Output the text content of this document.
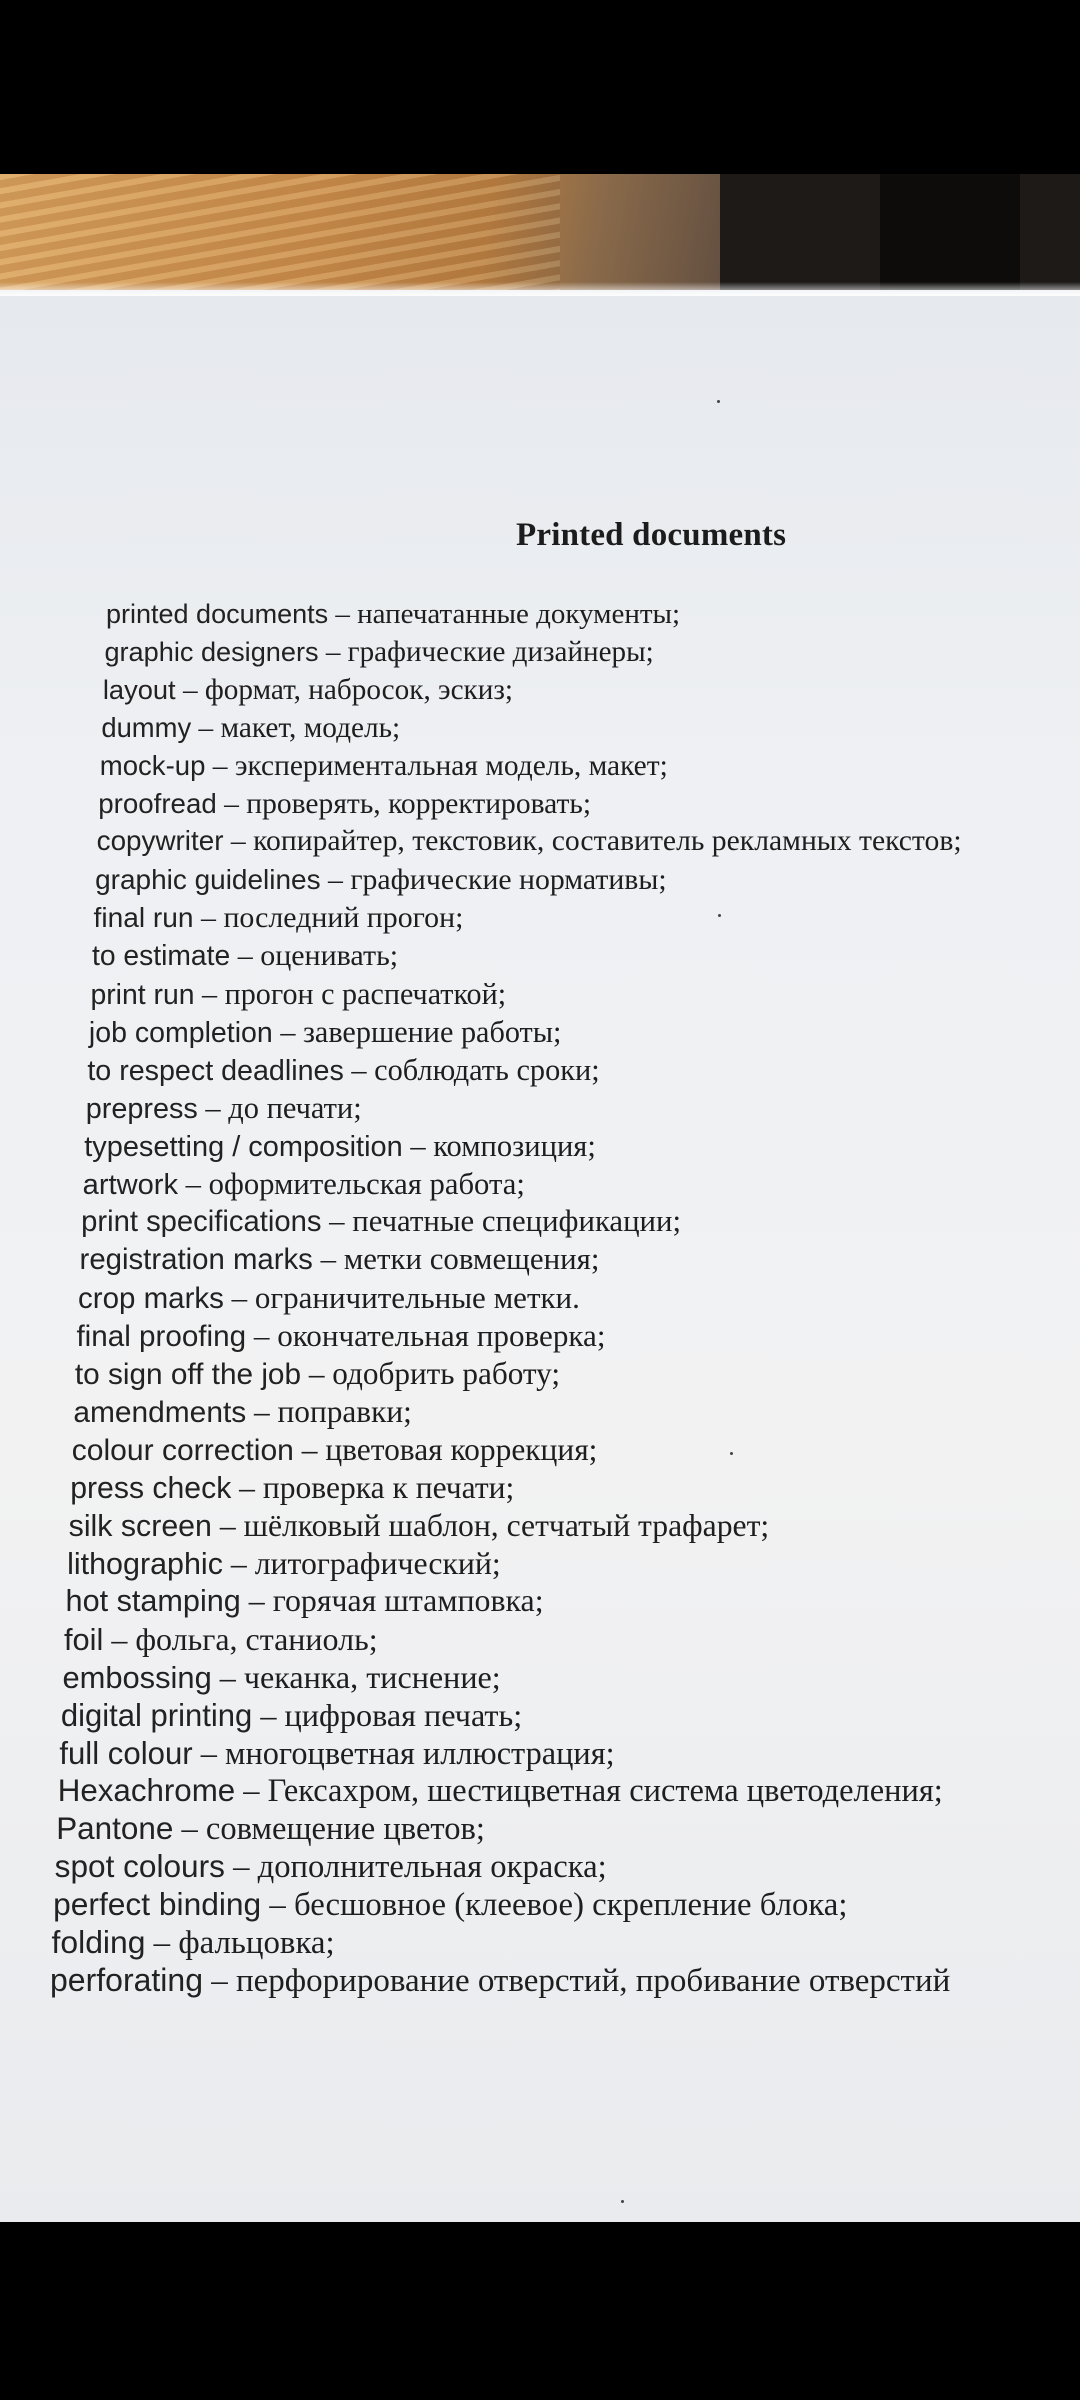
Printed documents
printed documents – напечатанные документы;
graphic designers – графические дизайнеры;
layout – формат, набросок, эскиз;
dummy – макет, модель;
mock-up – экспериментальная модель, макет;
proofread – проверять, корректировать;
copywriter – копирайтер, текстовик, составитель рекламных текстов;
graphic guidelines – графические нормативы;
final run – последний прогон;
to estimate – оценивать;
print run – прогон с распечаткой;
job completion – завершение работы;
to respect deadlines – соблюдать сроки;
prepress – до печати;
typesetting / composition – композиция;
artwork – оформительская работа;
print specifications – печатные спецификации;
registration marks – метки совмещения;
crop marks – ограничительные метки.
final proofing – окончательная проверка;
to sign off the job – одобрить работу;
amendments – поправки;
colour correction – цветовая коррекция;
press check – проверка к печати;
silk screen – шёлковый шаблон, сетчатый трафарет;
lithographic – литографический;
hot stamping – горячая штамповка;
foil – фольга, станиоль;
embossing – чеканка, тиснение;
digital printing – цифровая печать;
full colour – многоцветная иллюстрация;
Hexachrome – Гексахром, шестицветная система цветоделения;
Pantone – совмещение цветов;
spot colours – дополнительная окраска;
perfect binding – бесшовное (клеевое) скрепление блока;
folding – фальцовка;
perforating – перфорирование отверстий, пробивание отверстий
